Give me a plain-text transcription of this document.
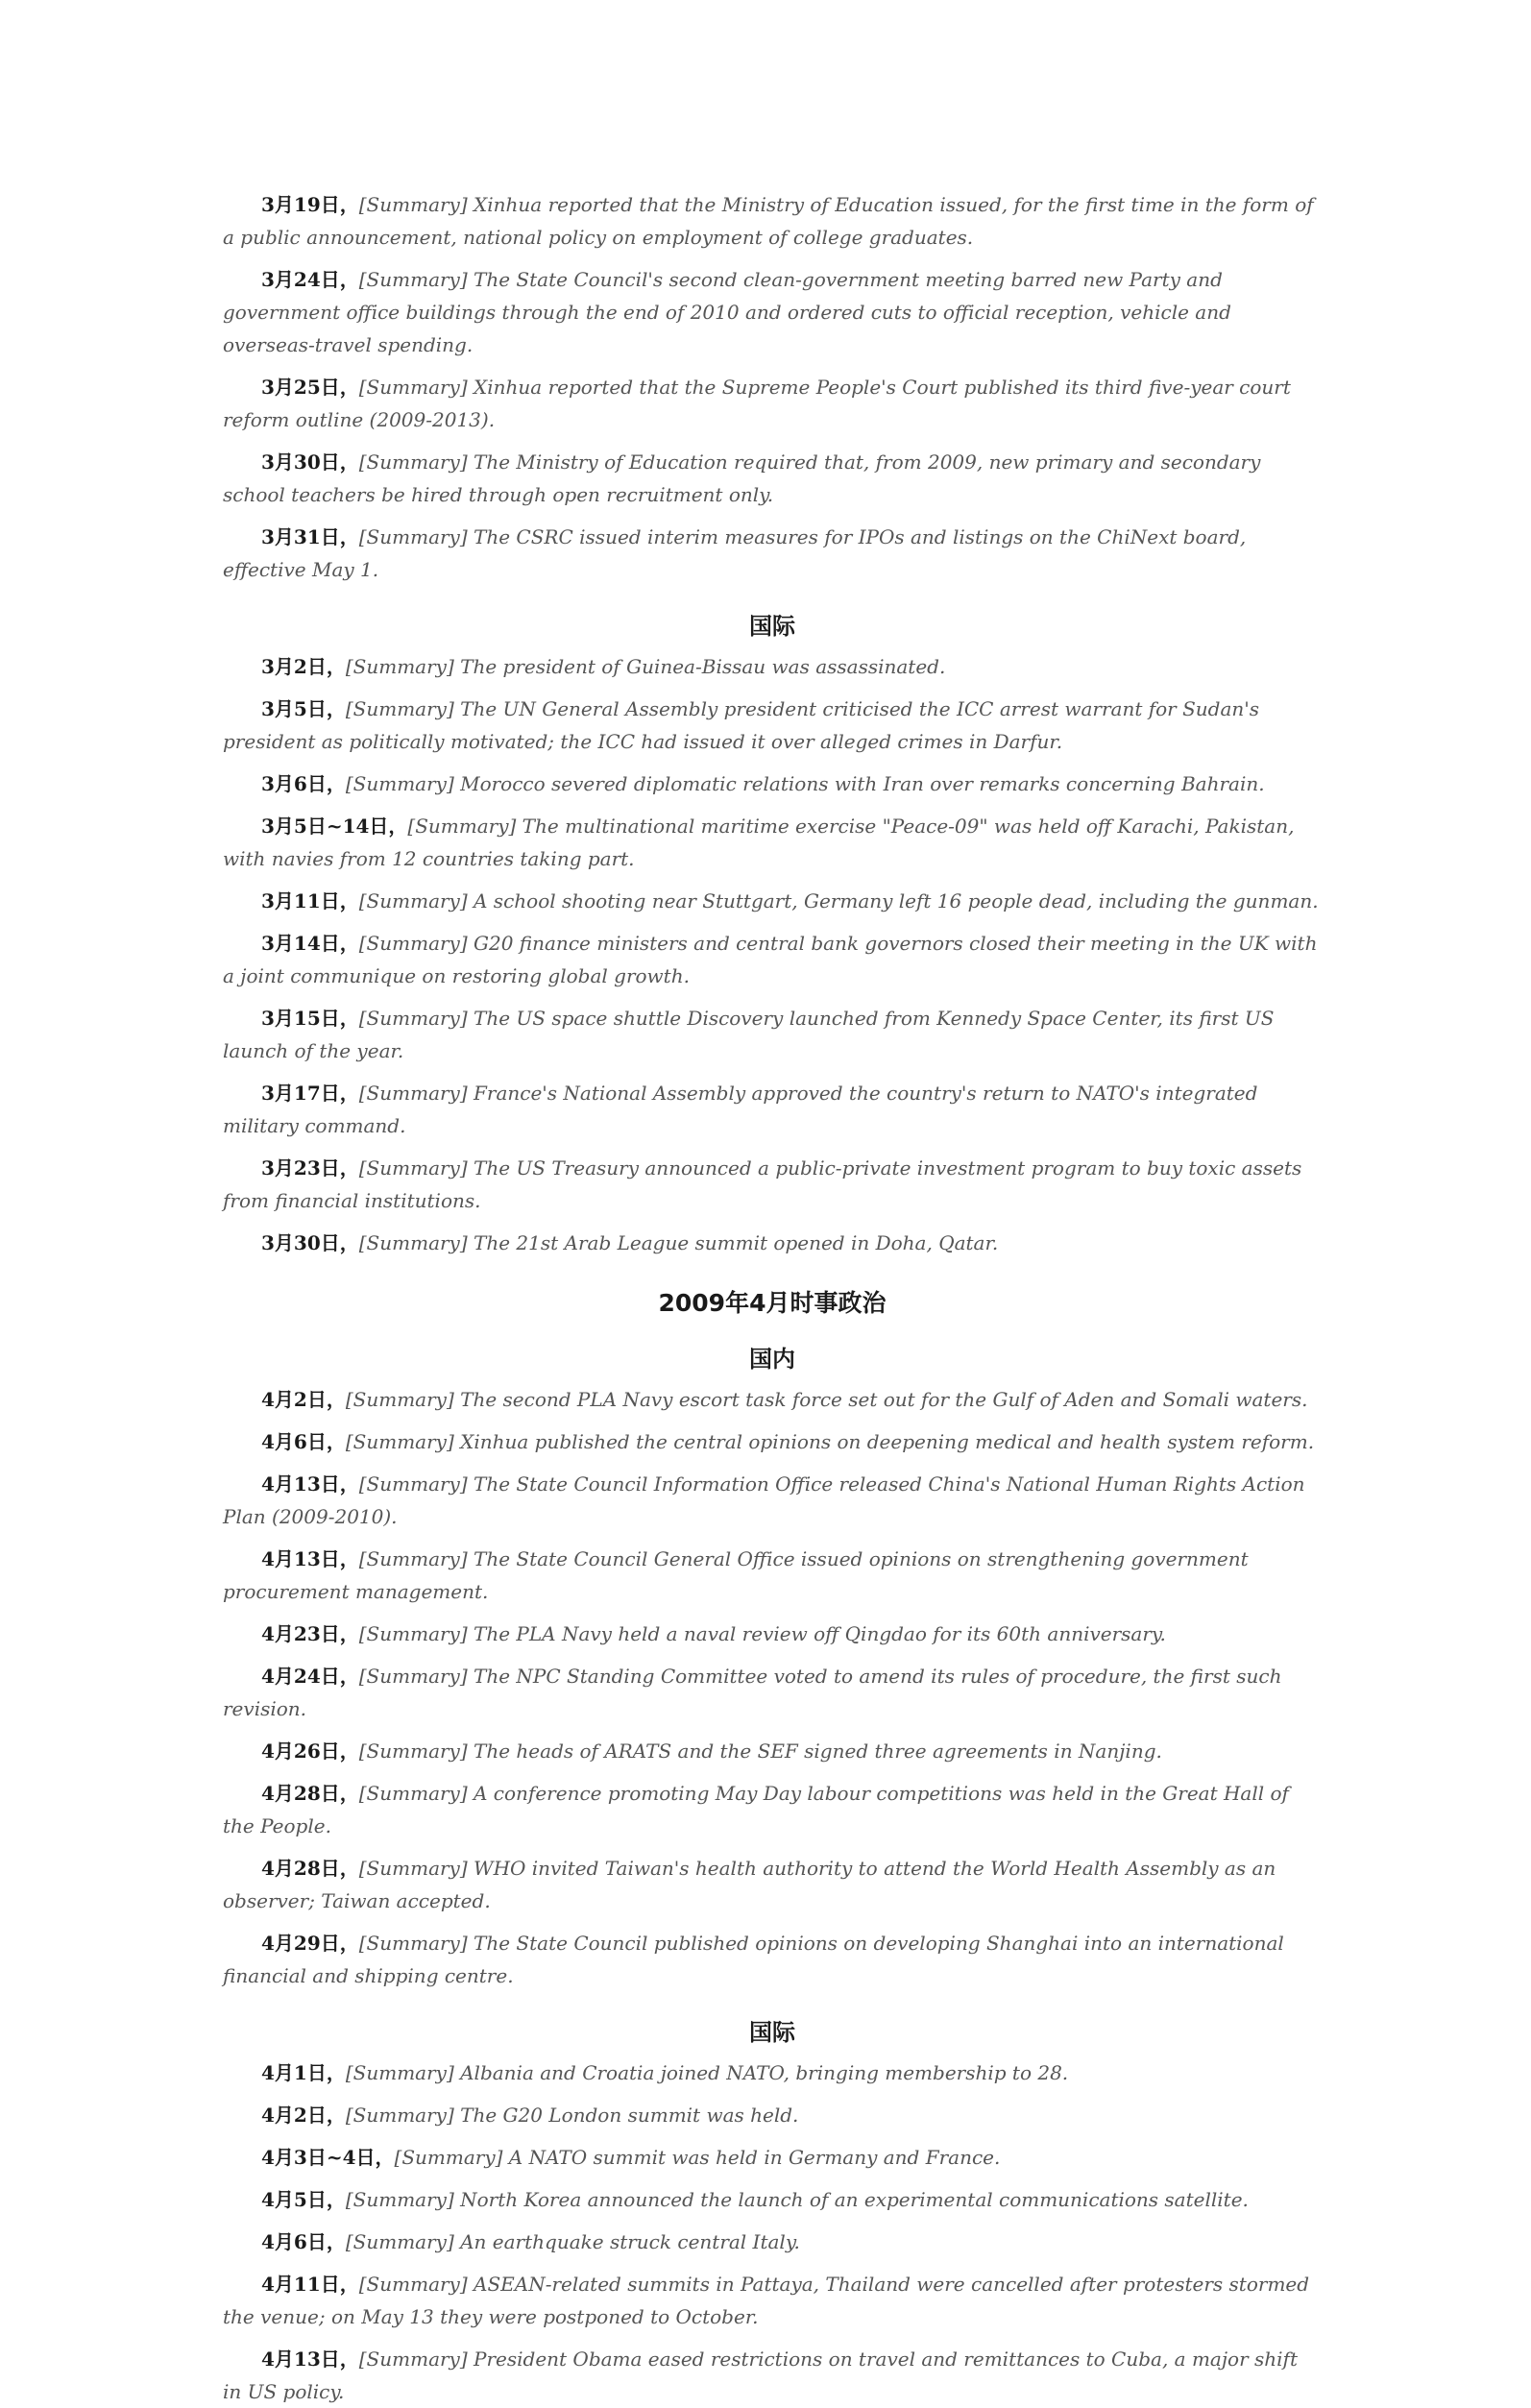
3月19日，[Summary] Xinhua reported that the Ministry of Education issued, for the first time in the form of a public announcement, national policy on employment of college graduates.

3月24日，[Summary] The State Council's second clean-government meeting barred new Party and government office buildings through the end of 2010 and ordered cuts to official reception, vehicle and overseas-travel spending.

3月25日，[Summary] Xinhua reported that the Supreme People's Court published its third five-year court reform outline (2009-2013).

3月30日，[Summary] The Ministry of Education required that, from 2009, new primary and secondary school teachers be hired through open recruitment only.

3月31日，[Summary] The CSRC issued interim measures for IPOs and listings on the ChiNext board, effective May 1.

国际

3月2日，[Summary] The president of Guinea-Bissau was assassinated.

3月5日，[Summary] The UN General Assembly president criticised the ICC arrest warrant for Sudan's president as politically motivated; the ICC had issued it over alleged crimes in Darfur.

3月6日，[Summary] Morocco severed diplomatic relations with Iran over remarks concerning Bahrain.

3月5日~14日，[Summary] The multinational maritime exercise "Peace-09" was held off Karachi, Pakistan, with navies from 12 countries taking part.

3月11日，[Summary] A school shooting near Stuttgart, Germany left 16 people dead, including the gunman.

3月14日，[Summary] G20 finance ministers and central bank governors closed their meeting in the UK with a joint communique on restoring global growth.

3月15日，[Summary] The US space shuttle Discovery launched from Kennedy Space Center, its first US launch of the year.

3月17日，[Summary] France's National Assembly approved the country's return to NATO's integrated military command.

3月23日，[Summary] The US Treasury announced a public-private investment program to buy toxic assets from financial institutions.

3月30日，[Summary] The 21st Arab League summit opened in Doha, Qatar.

2009年4月时事政治
国内

4月2日，[Summary] The second PLA Navy escort task force set out for the Gulf of Aden and Somali waters.

4月6日，[Summary] Xinhua published the central opinions on deepening medical and health system reform.

4月13日，[Summary] The State Council Information Office released China's National Human Rights Action Plan (2009-2010).

4月13日，[Summary] The State Council General Office issued opinions on strengthening government procurement management.

4月23日，[Summary] The PLA Navy held a naval review off Qingdao for its 60th anniversary.

4月24日，[Summary] The NPC Standing Committee voted to amend its rules of procedure, the first such revision.

4月26日，[Summary] The heads of ARATS and the SEF signed three agreements in Nanjing.

4月28日，[Summary] A conference promoting May Day labour competitions was held in the Great Hall of the People.

4月28日，[Summary] WHO invited Taiwan's health authority to attend the World Health Assembly as an observer; Taiwan accepted.

4月29日，[Summary] The State Council published opinions on developing Shanghai into an international financial and shipping centre.

国际

4月1日，[Summary] Albania and Croatia joined NATO, bringing membership to 28.

4月2日，[Summary] The G20 London summit was held.

4月3日~4日，[Summary] A NATO summit was held in Germany and France.

4月5日，[Summary] North Korea announced the launch of an experimental communications satellite.

4月6日，[Summary] An earthquake struck central Italy.

4月11日，[Summary] ASEAN-related summits in Pattaya, Thailand were cancelled after protesters stormed the venue; on May 13 they were postponed to October.

4月13日，[Summary] President Obama eased restrictions on travel and remittances to Cuba, a major shift in US policy.
